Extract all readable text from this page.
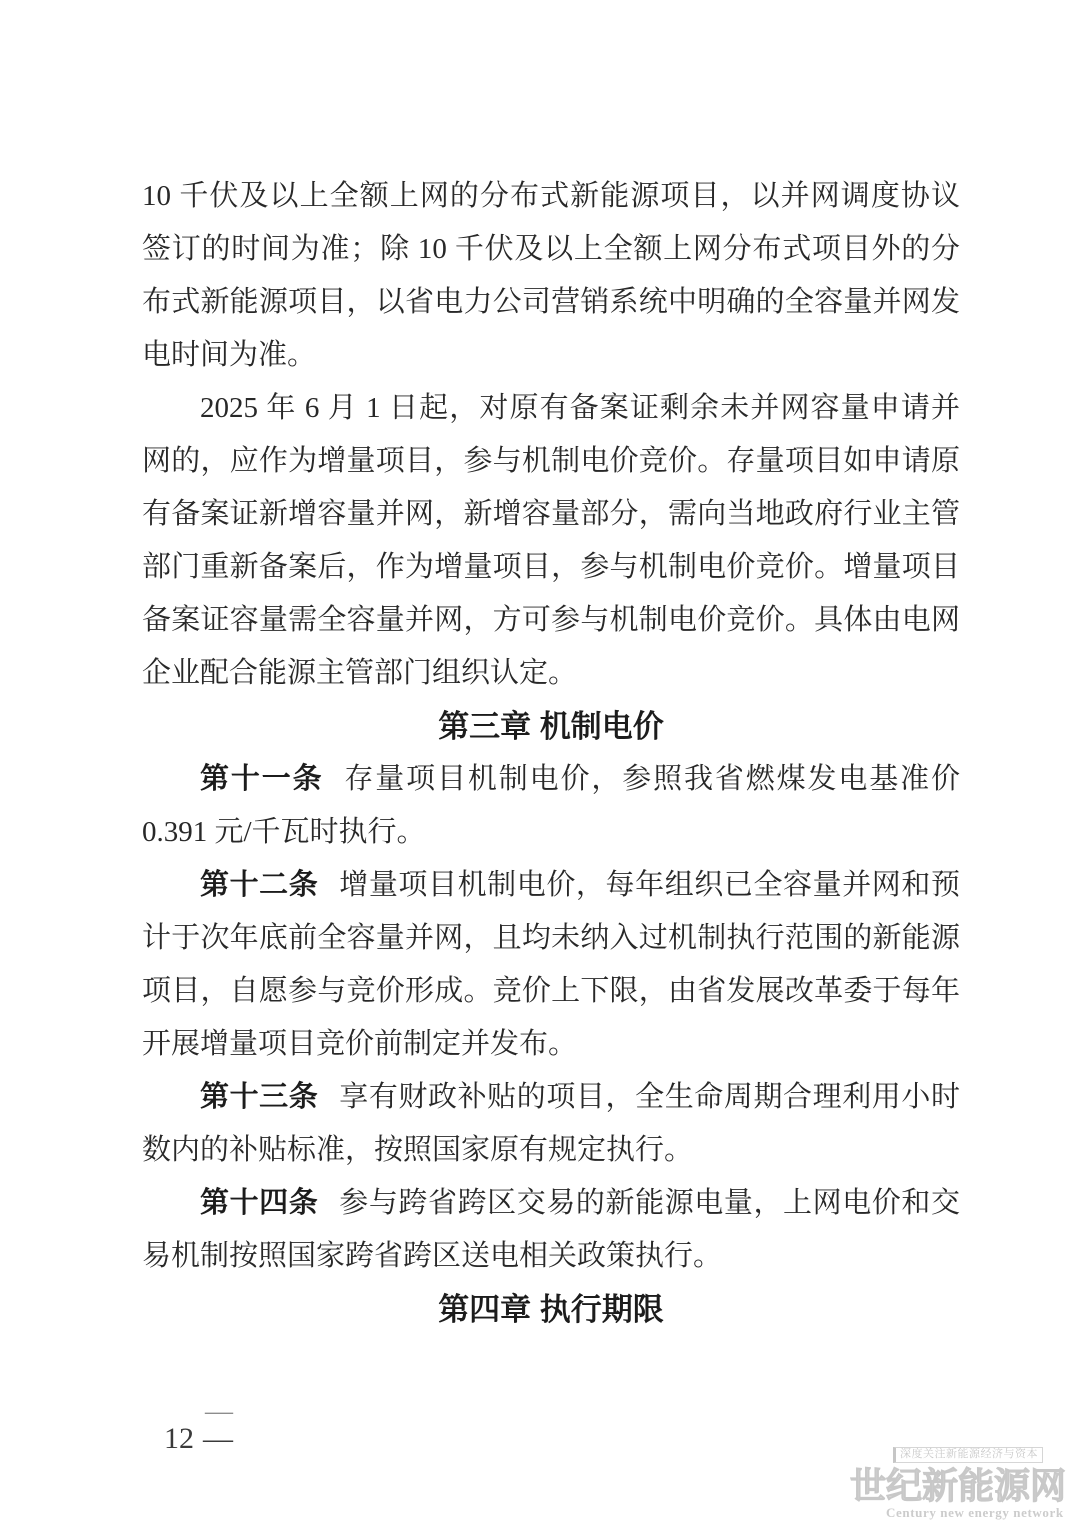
10 千伏及以上全额上网的分布式新能源项目，以并网调度协议

签订的时间为准；除 10 千伏及以上全额上网分布式项目外的分

布式新能源项目，以省电力公司营销系统中明确的全容量并网发

电时间为准。

2025 年 6 月 1 日起，对原有备案证剩余未并网容量申请并

网的，应作为增量项目，参与机制电价竞价。存量项目如申请原

有备案证新增容量并网，新增容量部分，需向当地政府行业主管

部门重新备案后，作为增量项目，参与机制电价竞价。增量项目

备案证容量需全容量并网，方可参与机制电价竞价。具体由电网

企业配合能源主管部门组织认定。

第三章 机制电价

第十一条 存量项目机制电价，参照我省燃煤发电基准价

0.391 元/千瓦时执行。

第十二条 增量项目机制电价，每年组织已全容量并网和预

计于次年底前全容量并网，且均未纳入过机制执行范围的新能源

项目，自愿参与竞价形成。竞价上下限，由省发展改革委于每年

开展增量项目竞价前制定并发布。

第十三条 享有财政补贴的项目，全生命周期合理利用小时

数内的补贴标准，按照国家原有规定执行。

第十四条 参与跨省跨区交易的新能源电量，上网电价和交

易机制按照国家跨省跨区送电相关政策执行。

第四章 执行期限
—
12 —	深度关注新能源经济与资本
世纪新能源网
Century new energy network
